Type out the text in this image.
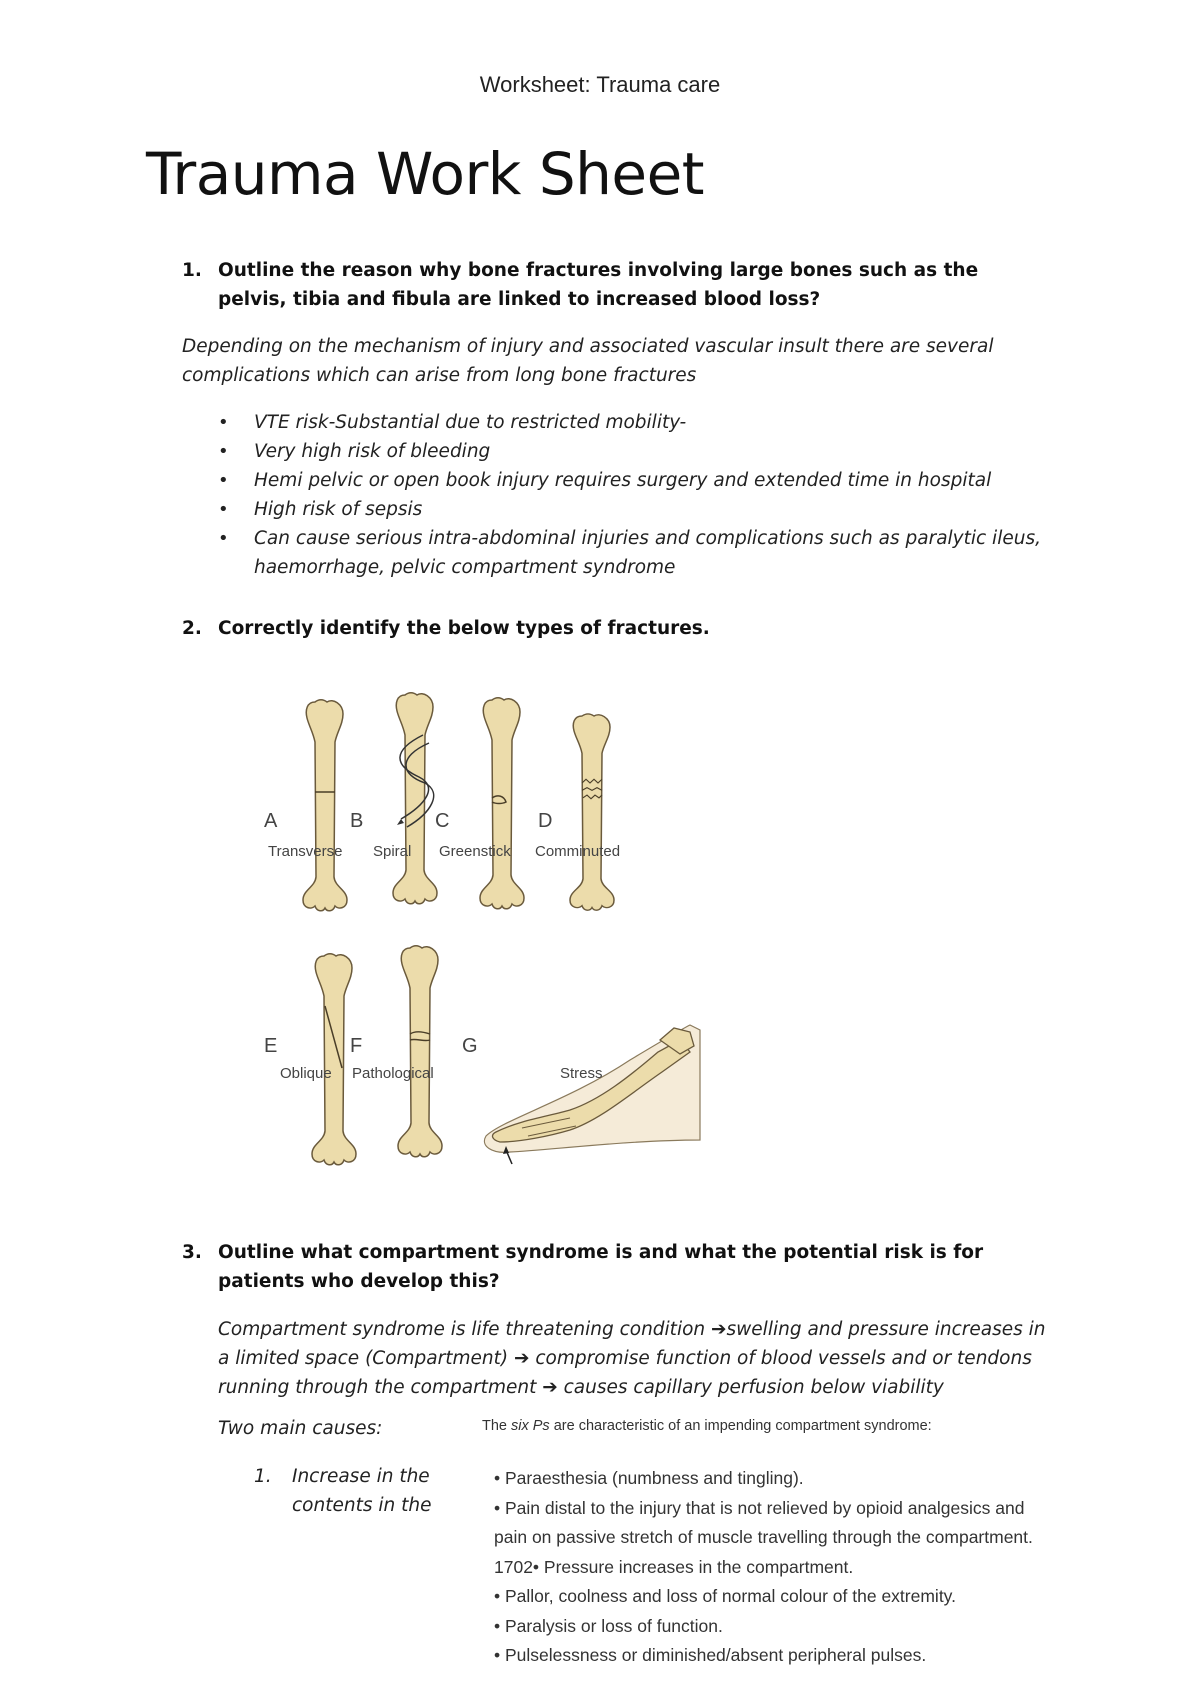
Worksheet: Trauma care
Trauma Work Sheet
1. Outline the reason why bone fractures involving large bones such as the pelvis, tibia and fibula are linked to increased blood loss?
Depending on the mechanism of injury and associated vascular insult there are several complications which can arise from long bone fractures
• VTE risk-Substantial due to restricted mobility-
• Very high risk of bleeding
• Hemi pelvic or open book injury requires surgery and extended time in hospital
• High risk of sepsis
• Can cause serious intra-abdominal injuries and complications such as paralytic ileus, haemorrhage, pelvic compartment syndrome
2. Correctly identify the below types of fractures.
A
Transverse
B
Spiral
C
Greenstick
D
Comminuted
E
Oblique
F
Pathological
G
Stress
3. Outline what compartment syndrome is and what the potential risk is for patients who develop this?
Compartment syndrome is life threatening condition ➔swelling and pressure increases in a limited space (Compartment) ➔ compromise function of blood vessels and or tendons running through the compartment ➔ causes capillary perfusion below viability
Two main causes:
1. Increase in the contents in the
The six Ps are characteristic of an impending compartment syndrome:
• Paraesthesia (numbness and tingling).
• Pain distal to the injury that is not relieved by opioid analgesics and pain on passive stretch of muscle travelling through the compartment.
1702• Pressure increases in the compartment.
• Pallor, coolness and loss of normal colour of the extremity.
• Paralysis or loss of function.
• Pulselessness or diminished/absent peripheral pulses.
